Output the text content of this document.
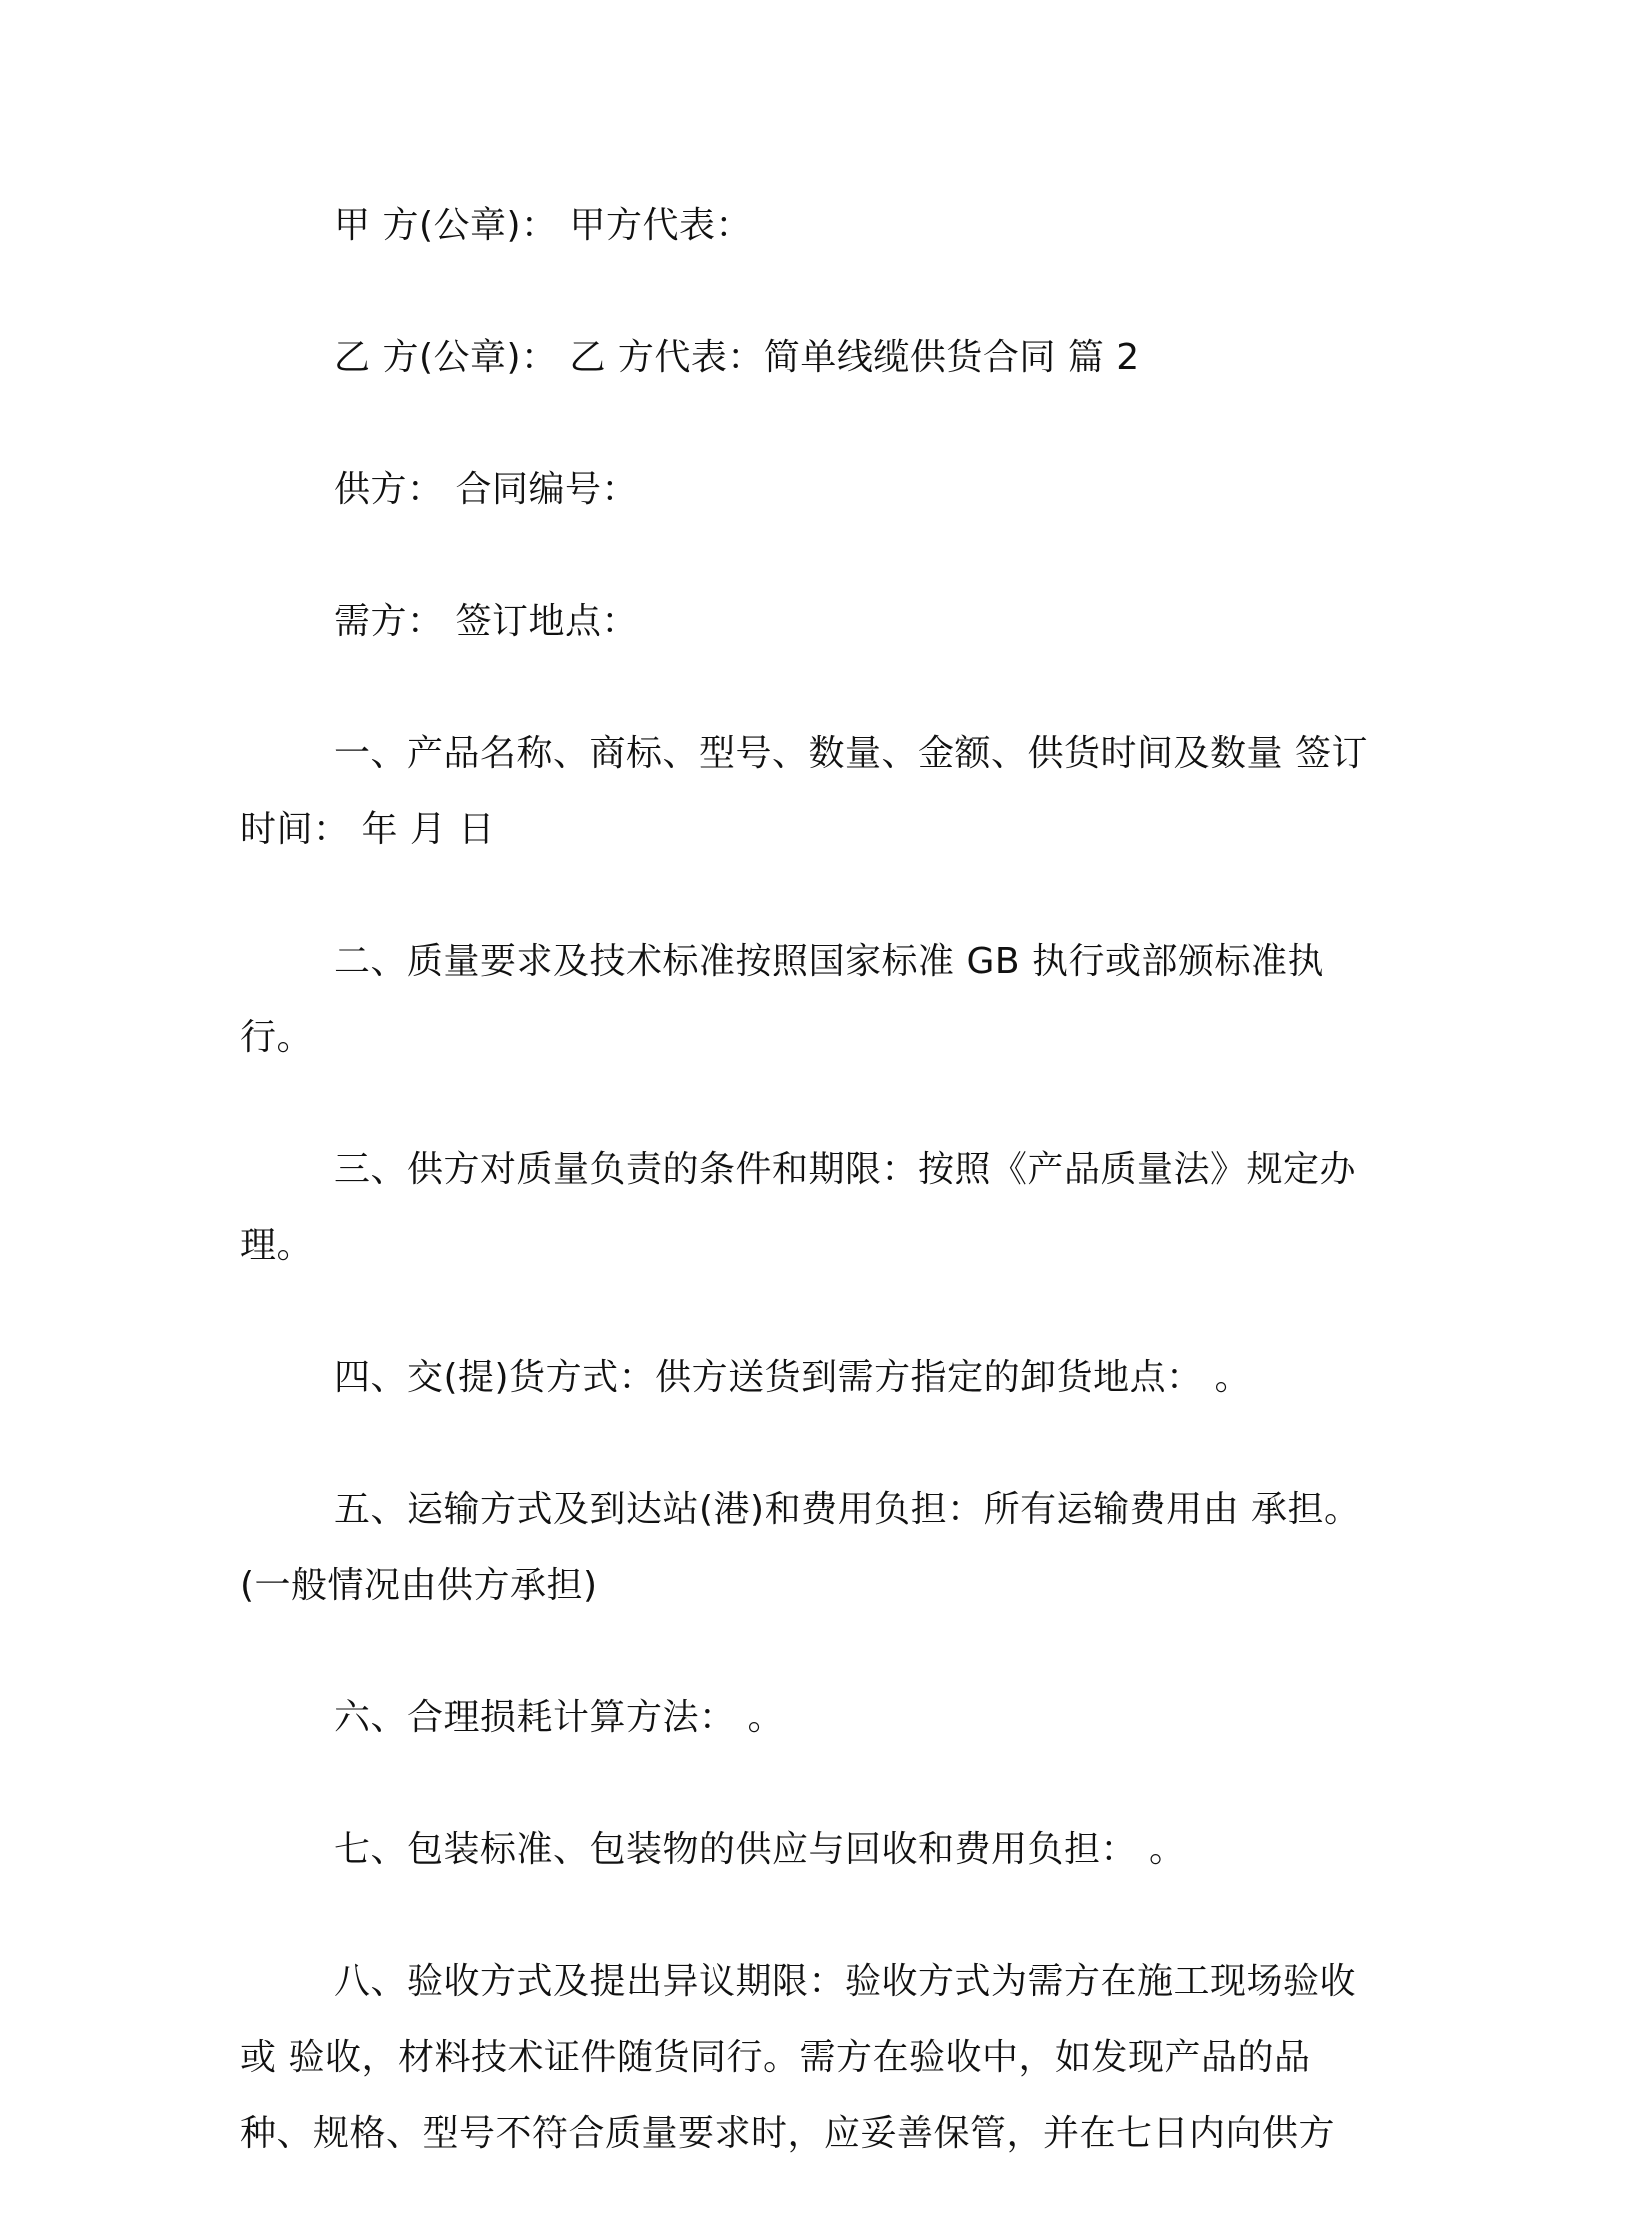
甲 方(公章)： 甲方代表：

乙 方(公章)： 乙 方代表：简单线缆供货合同 篇 2

供方： 合同编号：

需方： 签订地点：

一、产品名称、商标、型号、数量、金额、供货时间及数量 签订
时间： 年 月 日

二、质量要求及技术标准按照国家标准 GB 执行或部颁标准执
行。

三、供方对质量负责的条件和期限：按照《产品质量法》规定办
理。

四、交(提)货方式：供方送货到需方指定的卸货地点： 。

五、运输方式及到达站(港)和费用负担：所有运输费用由 承担。
(一般情况由供方承担)

六、合理损耗计算方法： 。

七、包装标准、包装物的供应与回收和费用负担： 。

八、验收方式及提出异议期限：验收方式为需方在施工现场验收
或 验收，材料技术证件随货同行。需方在验收中，如发现产品的品
种、规格、型号不符合质量要求时，应妥善保管，并在七日内向供方
